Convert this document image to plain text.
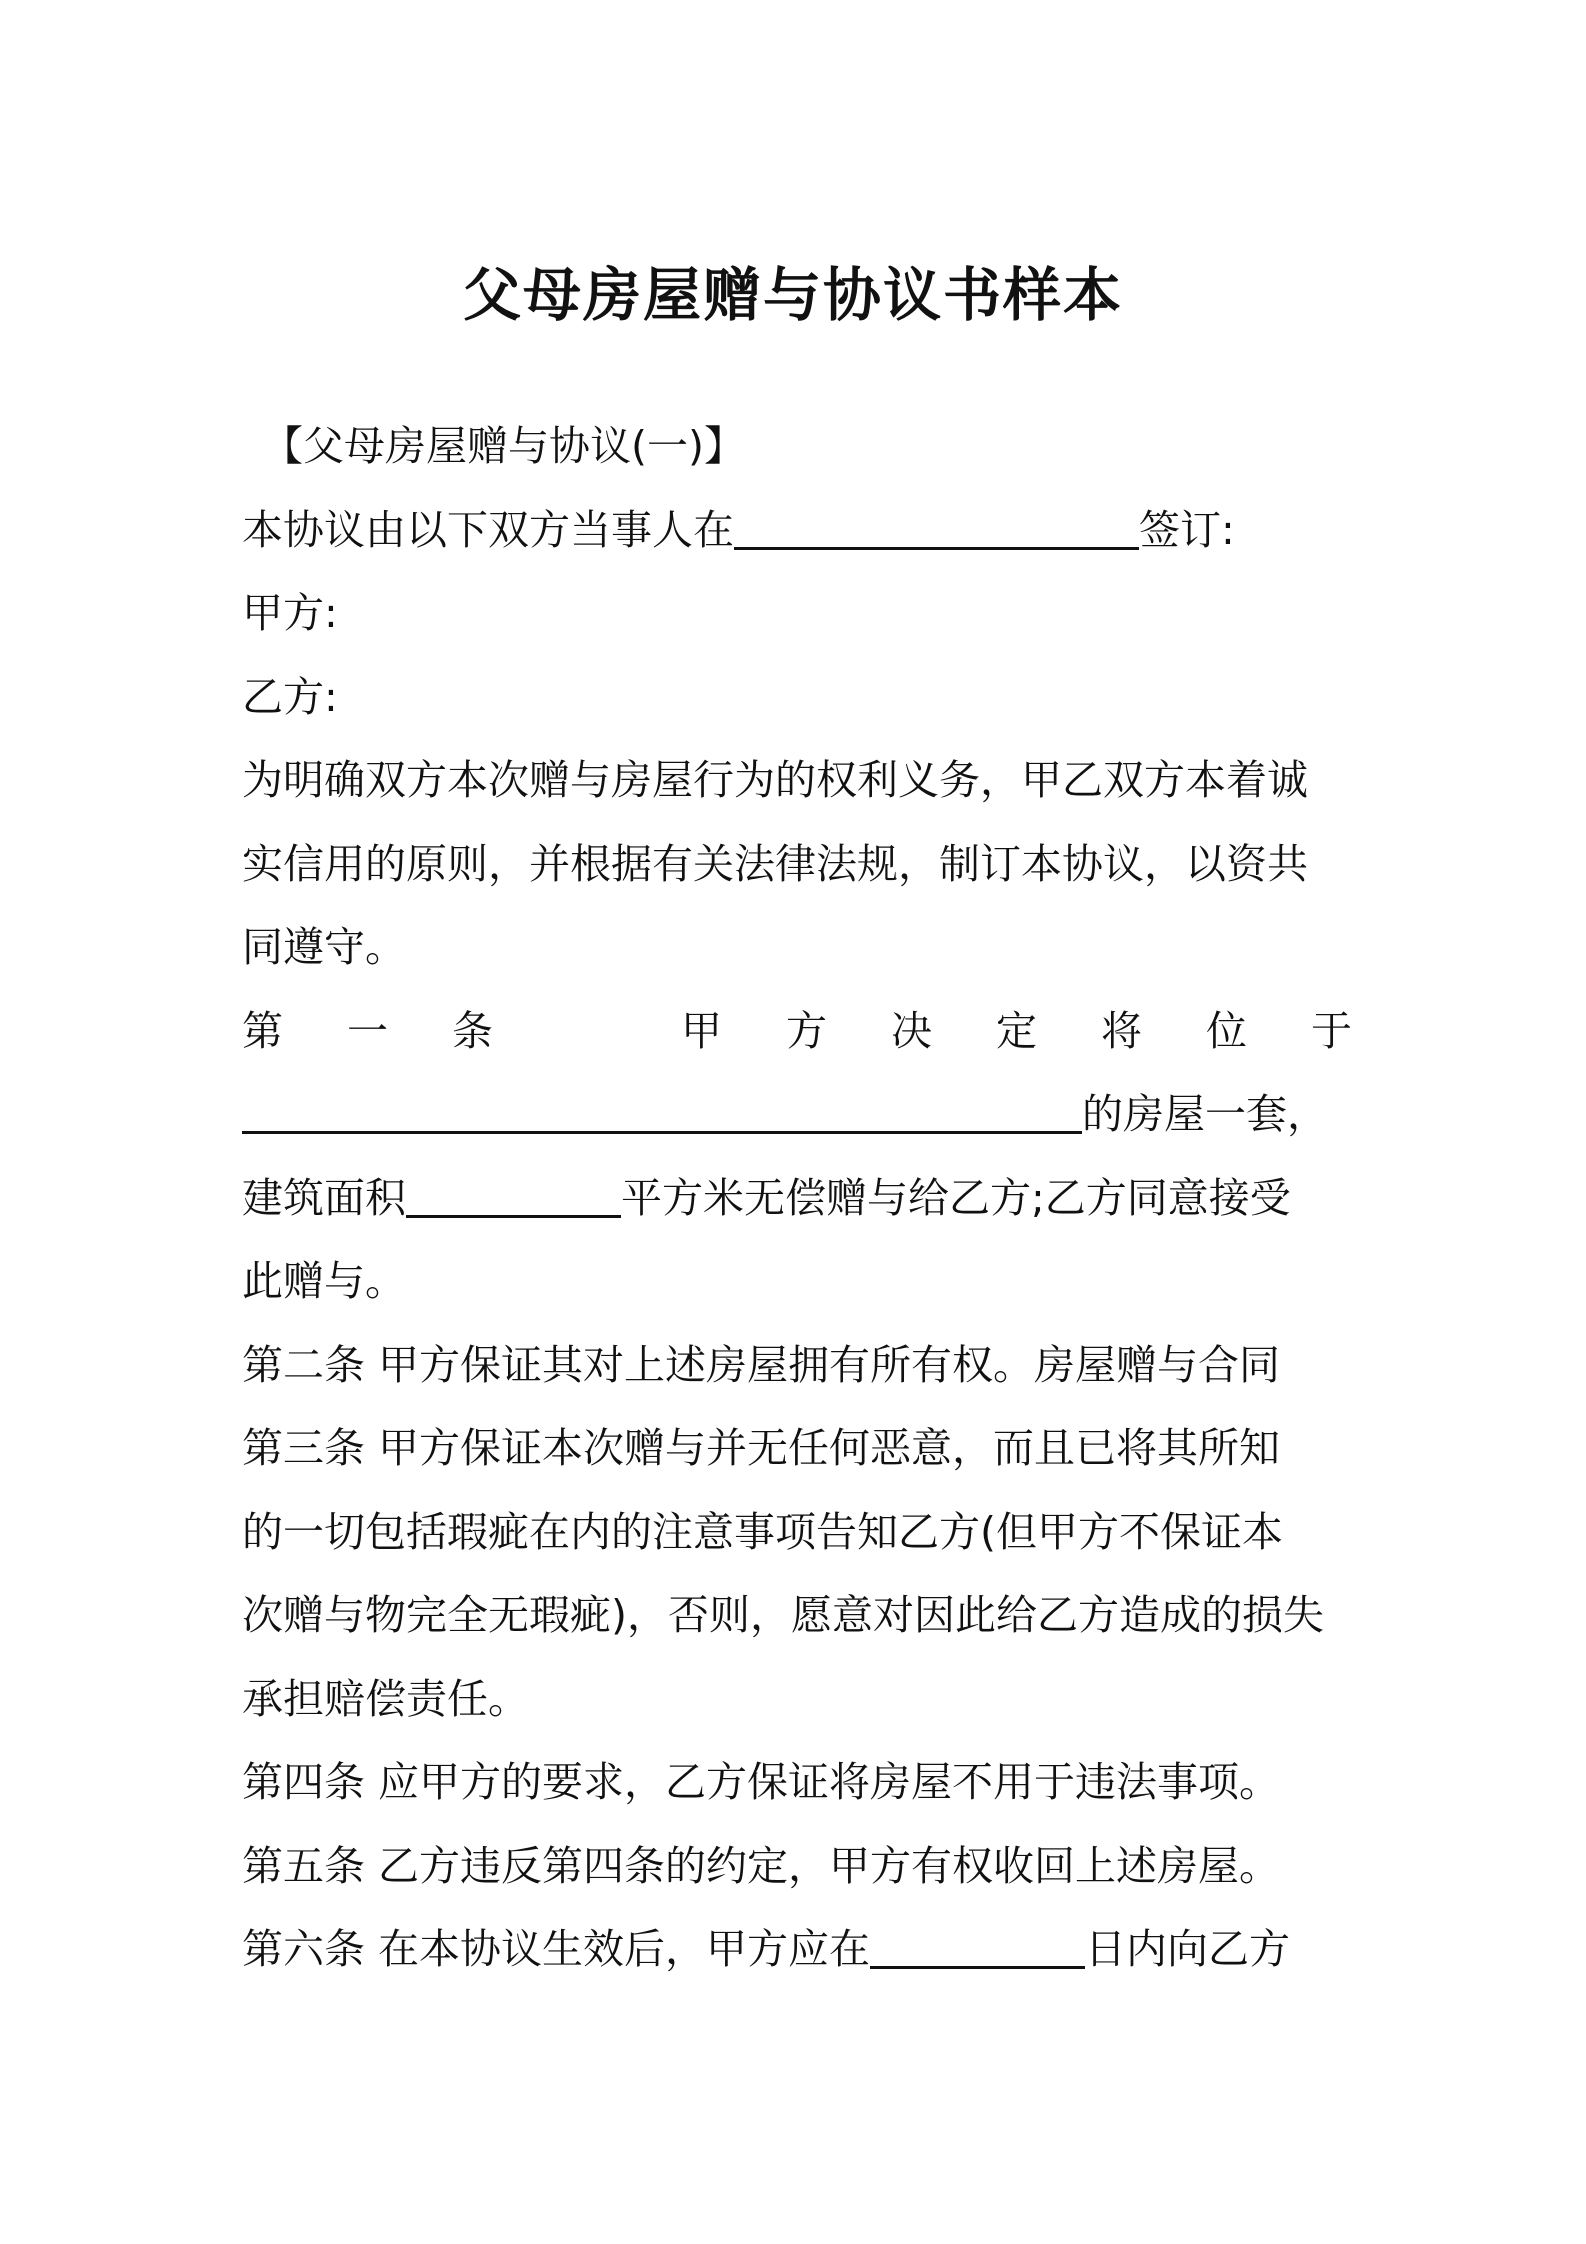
父母房屋赠与协议书样本
【父母房屋赠与协议(一)】
本协议由以下双方当事人在	签订:
甲方:
乙方:
为明确双方本次赠与房屋行为的权利义务，甲乙双方本着诚
实信用的原则，并根据有关法律法规，制订本协议，以资共
同遵守。
第 一 条	甲 方 决 定 将 位 于
的房屋一套，
建筑面积	平方米无偿赠与给乙方;乙方同意接受
此赠与。
第二条 甲方保证其对上述房屋拥有所有权。房屋赠与合同
第三条 甲方保证本次赠与并无任何恶意，而且已将其所知
的一切包括瑕疵在内的注意事项告知乙方(但甲方不保证本
次赠与物完全无瑕疵)，否则，愿意对因此给乙方造成的损失
承担赔偿责任。
第四条 应甲方的要求，乙方保证将房屋不用于违法事项。
第五条 乙方违反第四条的约定，甲方有权收回上述房屋。
第六条 在本协议生效后，甲方应在	日内向乙方
